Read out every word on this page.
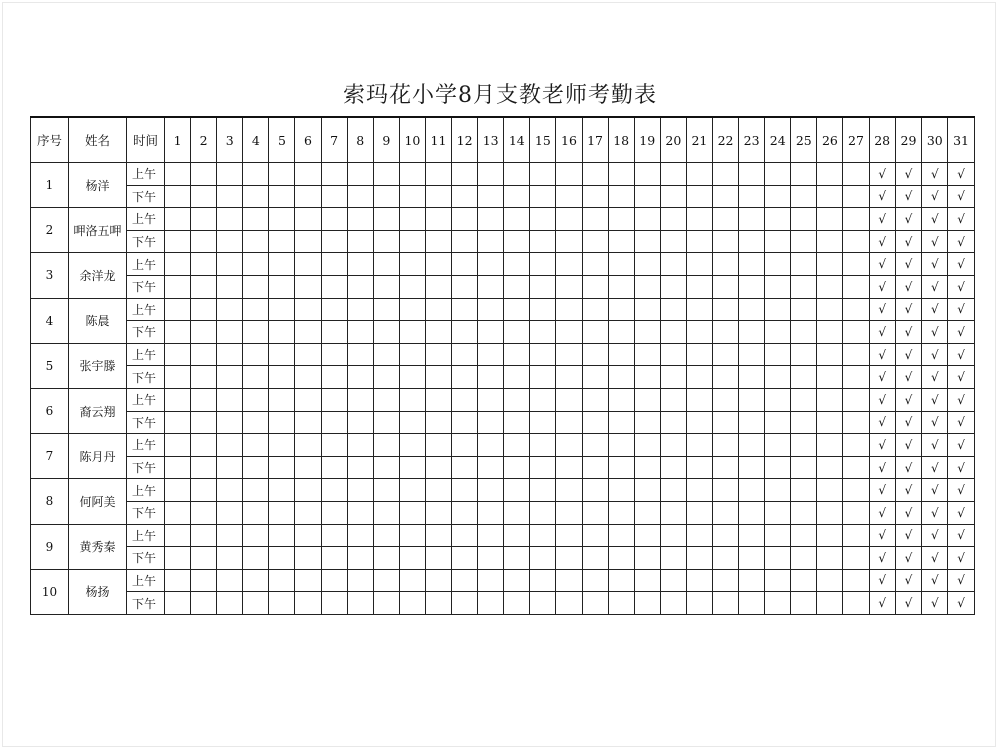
索玛花小学8月支教老师考勤表
序号	姓名	时间	1	2	3	4	5	6	7	8	9	10	11	12	13	14	15	16	17	18	19	20	21	22	23	24	25	26	27	28	29	30	31
1	杨洋	上午																												√	√	√	√
		下午																												√	√	√	√
2	呷洛五呷	上午																												√	√	√	√
		下午																												√	√	√	√
3	余洋龙	上午																												√	√	√	√
		下午																												√	√	√	√
4	陈晨	上午																												√	√	√	√
		下午																												√	√	√	√
5	张宇滕	上午																												√	√	√	√
		下午																												√	√	√	√
6	裔云翔	上午																												√	√	√	√
		下午																												√	√	√	√
7	陈月丹	上午																												√	√	√	√
		下午																												√	√	√	√
8	何阿美	上午																												√	√	√	√
		下午																												√	√	√	√
9	黄秀秦	上午																												√	√	√	√
		下午																												√	√	√	√
10	杨扬	上午																												√	√	√	√
		下午																												√	√	√	√
